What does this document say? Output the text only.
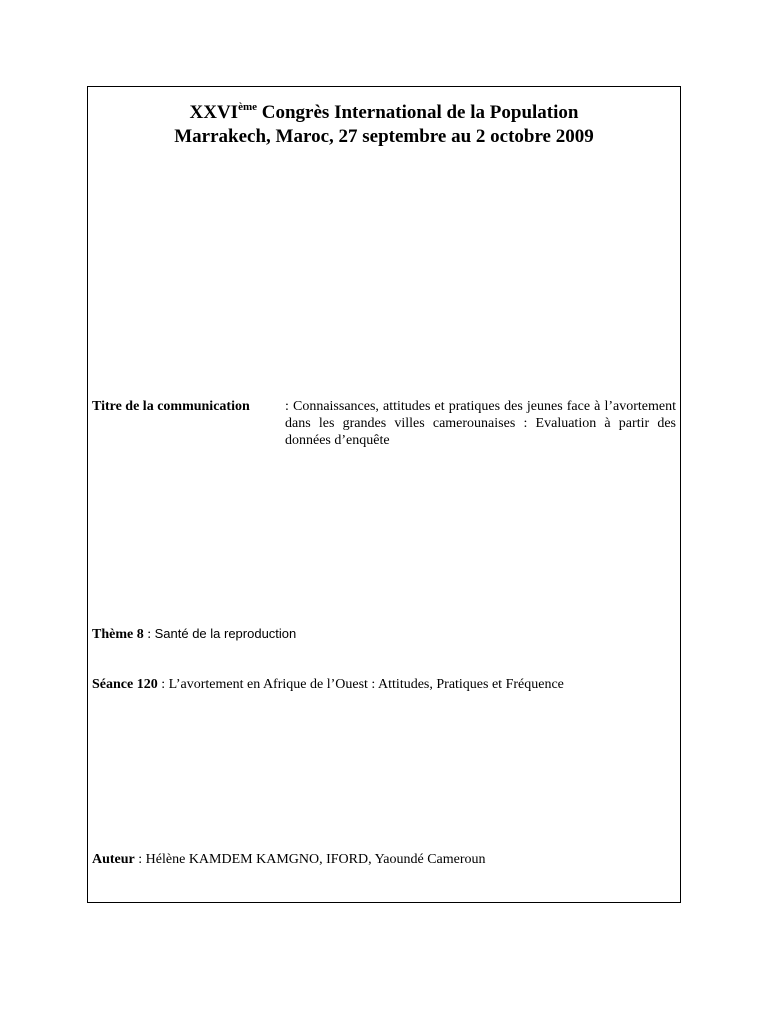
XXVIème Congrès International de la Population
Marrakech, Maroc, 27 septembre au 2 octobre 2009
Titre de la communication	: Connaissances, attitudes et pratiques des jeunes face à l’avortement dans les grandes villes camerounaises : Evaluation à partir des données d’enquête
Thème 8 : Santé de la reproduction
Séance 120 : L’avortement en Afrique de l’Ouest : Attitudes, Pratiques et Fréquence
Auteur : Hélène KAMDEM KAMGNO, IFORD, Yaoundé Cameroun
